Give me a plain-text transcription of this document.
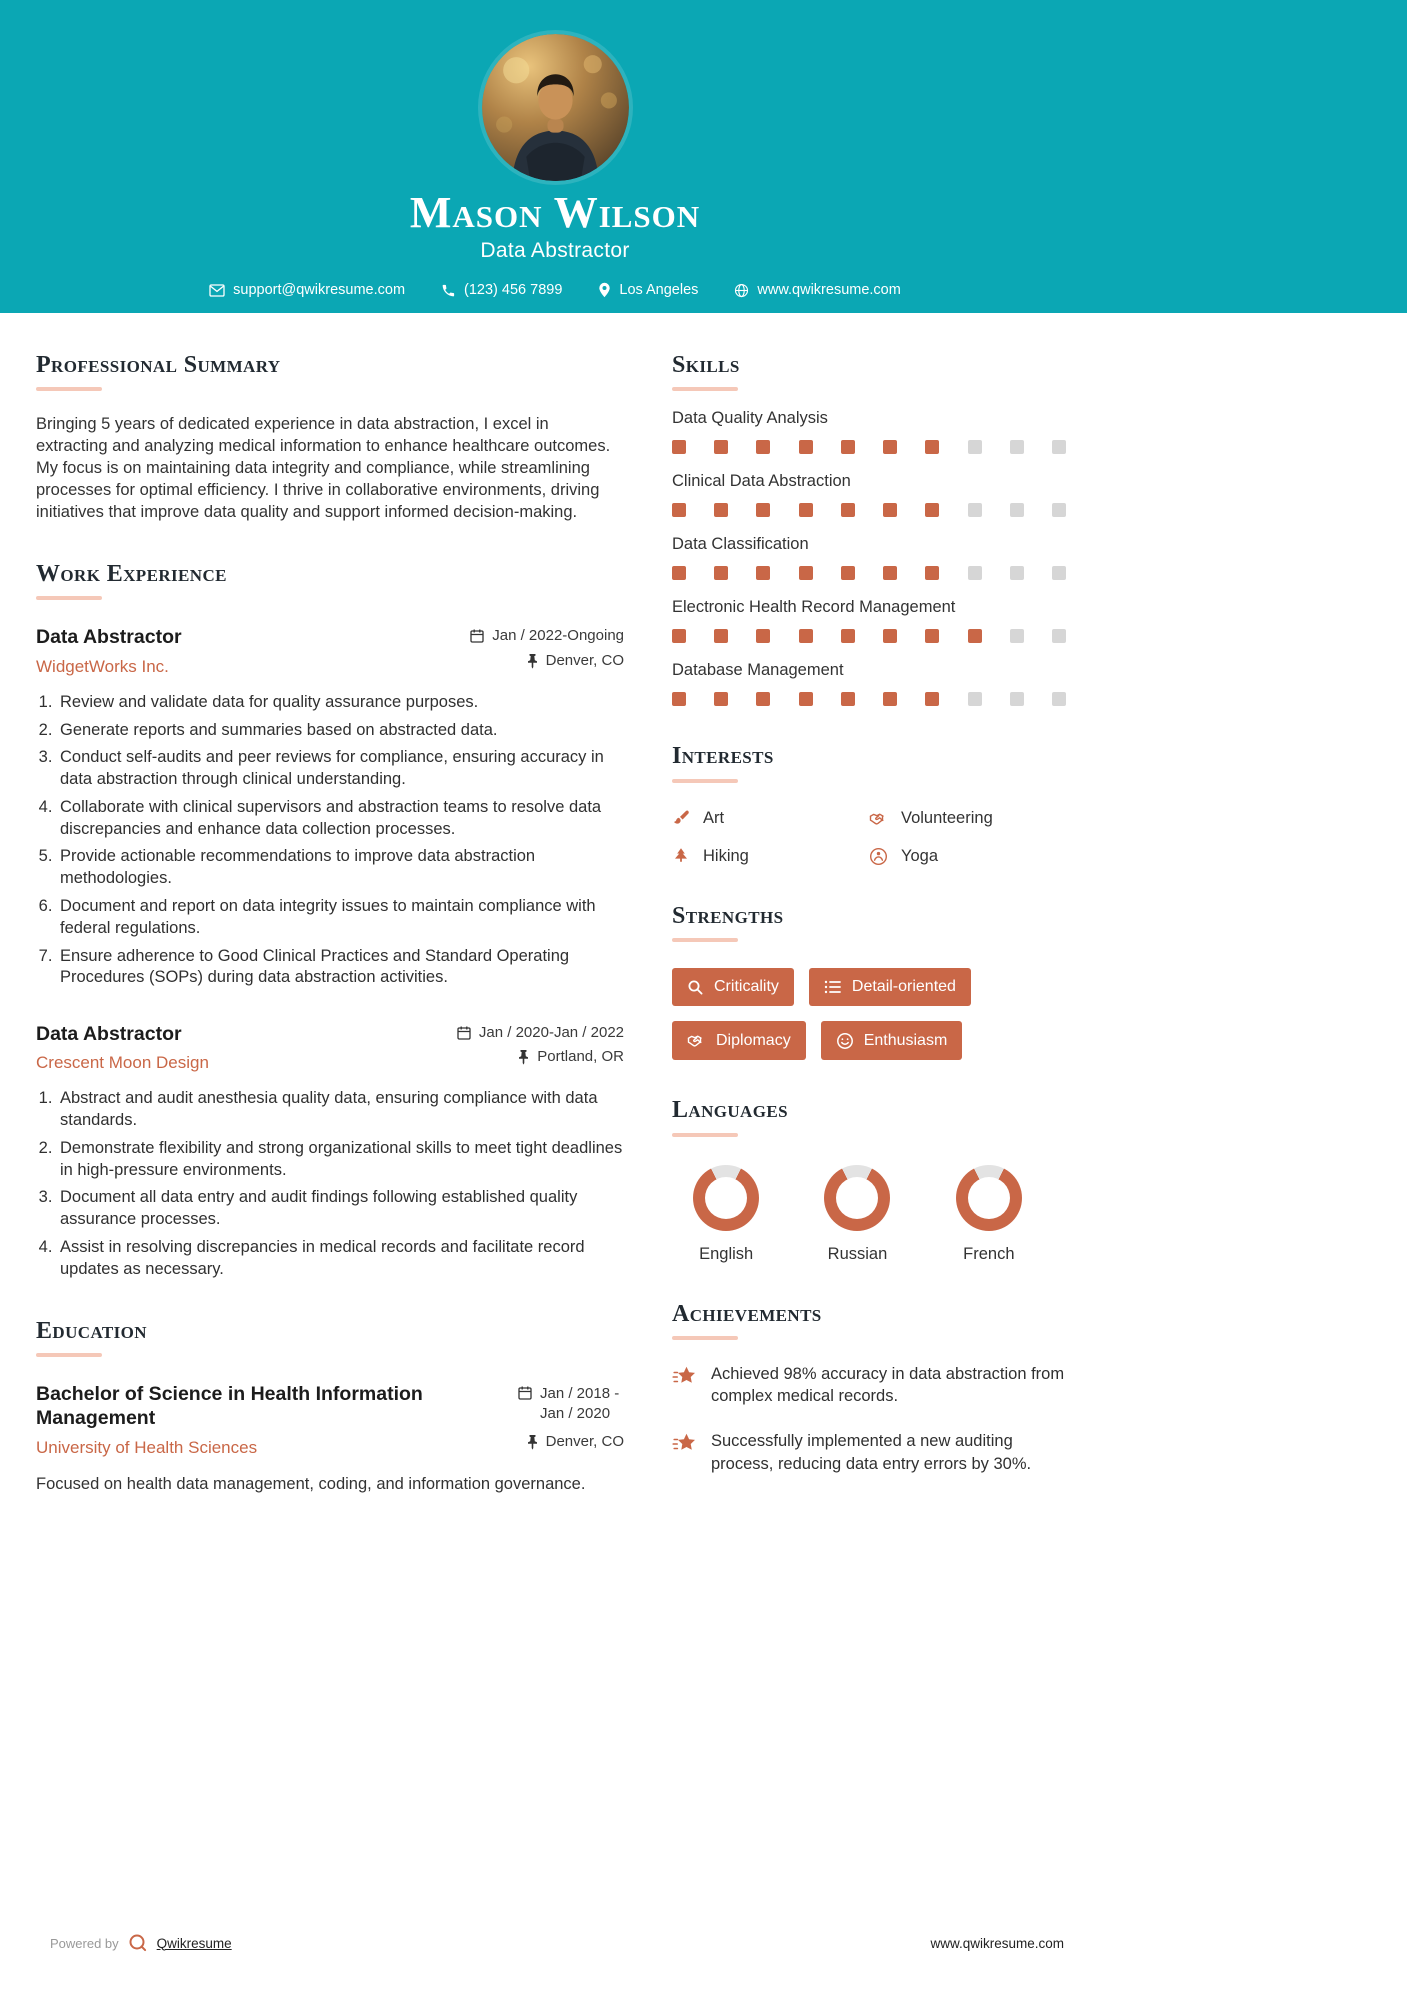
Mason Wilson
Data Abstractor
support@qwikresume.com	(123) 456 7899	Los Angeles	www.qwikresume.com
Professional Summary

Bringing 5 years of dedicated experience in data abstraction, I excel in extracting and analyzing medical information to enhance healthcare outcomes. My focus is on maintaining data integrity and compliance, while streamlining processes for optimal efficiency. I thrive in collaborative environments, driving initiatives that improve data quality and support informed decision-making.

Work Experience
Data Abstractor	Jan / 2022-Ongoing
WidgetWorks Inc.	Denver, CO
1. Review and validate data for quality assurance purposes.
2. Generate reports and summaries based on abstracted data.
3. Conduct self-audits and peer reviews for compliance, ensuring accuracy in data abstraction through clinical understanding.
4. Collaborate with clinical supervisors and abstraction teams to resolve data discrepancies and enhance data collection processes.
5. Provide actionable recommendations to improve data abstraction methodologies.
6. Document and report on data integrity issues to maintain compliance with federal regulations.
7. Ensure adherence to Good Clinical Practices and Standard Operating Procedures (SOPs) during data abstraction activities.
Data Abstractor	Jan / 2020-Jan / 2022
Crescent Moon Design	Portland, OR
1. Abstract and audit anesthesia quality data, ensuring compliance with data standards.
2. Demonstrate flexibility and strong organizational skills to meet tight deadlines in high-pressure environments.
3. Document all data entry and audit findings following established quality assurance processes.
4. Assist in resolving discrepancies in medical records and facilitate record updates as necessary.
Education
Bachelor of Science in Health Information Management
Jan / 2018 - Jan / 2020
University of Health Sciences	Denver, CO

Focused on health data management, coding, and information governance.

Skills
Data Quality Analysis
Clinical Data Abstraction
Data Classification
Electronic Health Record Management
Database Management
Interests
Art	Volunteering
Hiking	Yoga
Strengths
Criticality	Detail-oriented
Diplomacy	Enthusiasm
Languages
English	Russian	French
Achievements
Achieved 98% accuracy in data abstraction from complex medical records.
Successfully implemented a new auditing process, reducing data entry errors by 30%.
Powered by	Qwikresume	www.qwikresume.com
